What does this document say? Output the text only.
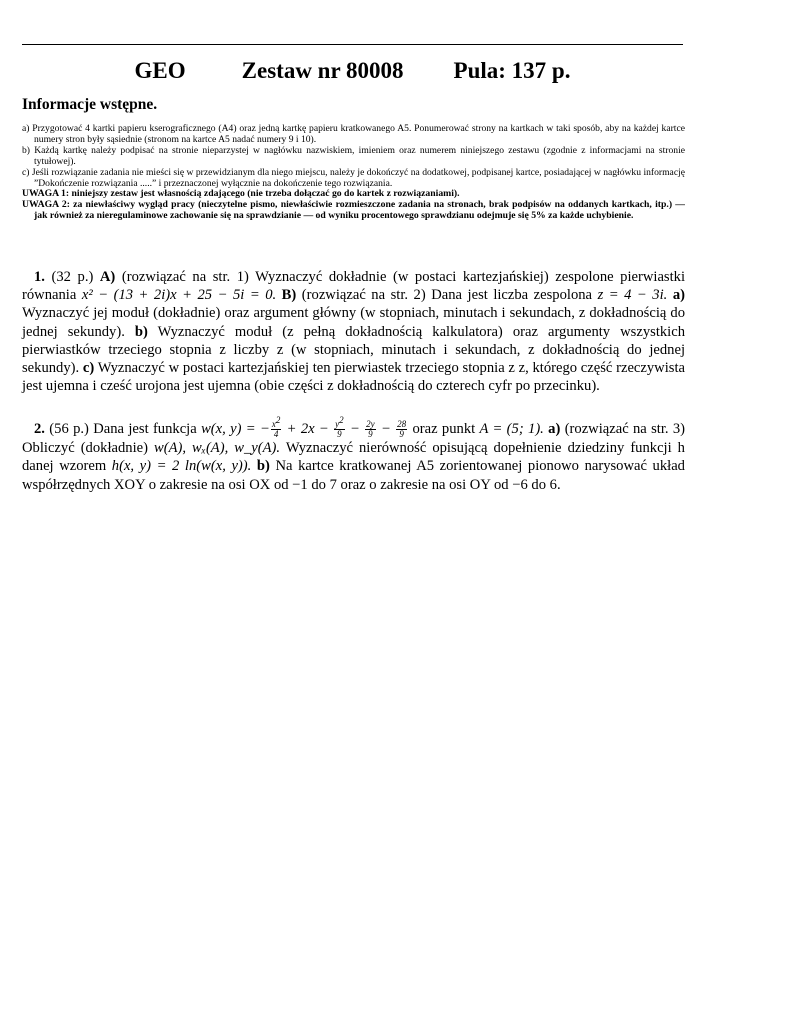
GEO Zestaw nr 80008 Pula: 137 p.
Informacje wstępne.
a) Przygotować 4 kartki papieru kserograficznego (A4) oraz jedną kartkę papieru kratkowanego A5. Ponumerować strony na kartkach w taki sposób, aby na każdej kartce numery stron były sąsiednie (stronom na kartce A5 nadać numery 9 i 10).
b) Każdą kartkę należy podpisać na stronie nieparzystej w nagłówku nazwiskiem, imieniem oraz numerem niniejszego zestawu (zgodnie z informacjami na stronie tytułowej).
c) Jeśli rozwiązanie zadania nie mieści się w przewidzianym dla niego miejscu, należy je dokończyć na dodatkowej, podpisanej kartce, posiadającej w nagłówku informację ”Dokończenie rozwiązania .....” i przeznaczonej wyłącznie na dokończenie tego rozwiązania.
UWAGA 1: niniejszy zestaw jest własnością zdającego (nie trzeba dołączać go do kartek z rozwiązaniami).
UWAGA 2: za niewłaściwy wygląd pracy (nieczytelne pismo, niewłaściwie rozmieszczone zadania na stronach, brak podpisów na oddanych kartkach, itp.) — jak również za nieregulaminowe zachowanie się na sprawdzianie — od wyniku procentowego sprawdzianu odejmuje się 5% za każde uchybienie.
1. (32 p.) A) (rozwiązać na str. 1) Wyznaczyć dokładnie (w postaci kartezjańskiej) zespolone pierwiastki równania x² − (13 + 2i)x + 25 − 5i = 0. B) (rozwiązać na str. 2) Dana jest liczba zespolona z = 4 − 3i. a) Wyznaczyć jej moduł (dokładnie) oraz argument główny (w stopniach, minutach i sekundach, z dokładnością do jednej sekundy). b) Wyznaczyć moduł (z pełną dokładnością kalkulatora) oraz argumenty wszystkich pierwiastków trzeciego stopnia z liczby z (w stopniach, minutach i sekundach, z dokładnością do jednej sekundy). c) Wyznaczyć w postaci kartezjańskiej ten pierwiastek trzeciego stopnia z z, którego część rzeczywista jest ujemna i cześć urojona jest ujemna (obie części z dokładnością do czterech cyfr po przecinku).
2. (56 p.) Dana jest funkcja w(x, y) = − $\frac{x^2}{4} + 2x - \frac{y^2}{9} - \frac{2y}{9} - \frac{28}{9}$ oraz punkt A = (5; 1). a) (rozwiązać na str. 3) Obliczyć (dokładnie) w(A), wₓ(A), w_y(A). Wyznaczyć nierówność opisującą dopełnienie dziedziny funkcji h danej wzorem h(x, y) = 2 ln(w(x, y)). b) Na kartce kratkowanej A5 zorientowanej pionowo narysować układ współrzędnych XOY o zakresie na osi OX od −1 do 7 oraz o zakresie na osi OY od −6 do 6.
